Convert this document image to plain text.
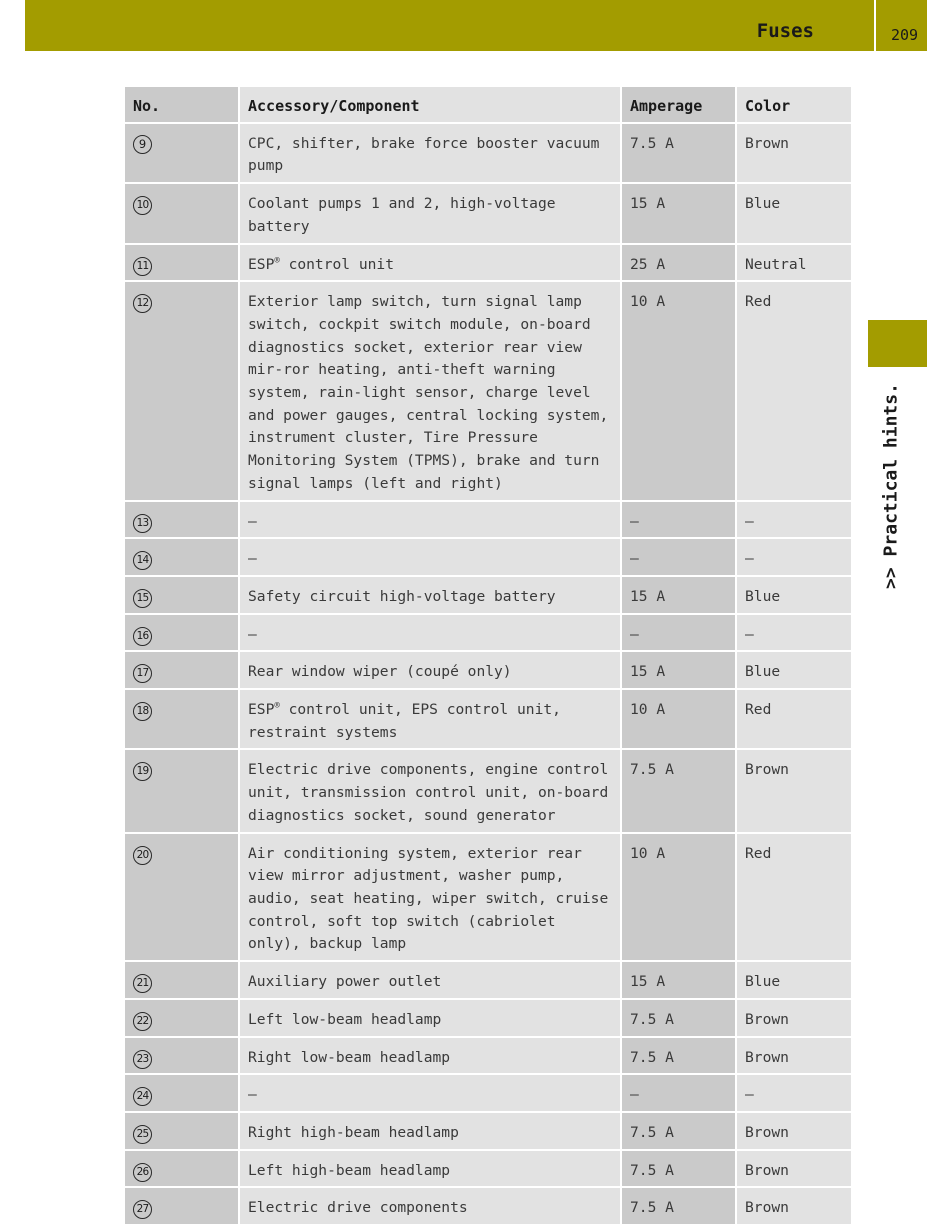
Fuses	209
>> Practical hints.
No.	Accessory/Component	Amperage	Color
9	CPC, shifter, brake force booster vacuum pump	7.5 A	Brown
10	Coolant pumps 1 and 2, high-voltage battery	15 A	Blue
11	ESP® control unit	25 A	Neutral
12	Exterior lamp switch, turn signal lamp switch, cockpit switch module, on-board diagnostics socket, exterior rear view mir-ror heating, anti-theft warning system, rain-light sensor, charge level and power gauges, central locking system, instrument cluster, Tire Pressure Monitoring System (TPMS), brake and turn signal lamps (left and right)	10 A	Red
13	—	—	—
14	—	—	—
15	Safety circuit high-voltage battery	15 A	Blue
16	—	—	—
17	Rear window wiper (coupé only)	15 A	Blue
18	ESP® control unit, EPS control unit, restraint systems	10 A	Red
19	Electric drive components, engine control unit, transmission control unit, on-board diagnostics socket, sound generator	7.5 A	Brown
20	Air conditioning system, exterior rear view mirror adjustment, washer pump, audio, seat heating, wiper switch, cruise control, soft top switch (cabriolet only), backup lamp	10 A	Red
21	Auxiliary power outlet	15 A	Blue
22	Left low-beam headlamp	7.5 A	Brown
23	Right low-beam headlamp	7.5 A	Brown
24	—	—	—
25	Right high-beam headlamp	7.5 A	Brown
26	Left high-beam headlamp	7.5 A	Brown
27	Electric drive components	7.5 A	Brown
